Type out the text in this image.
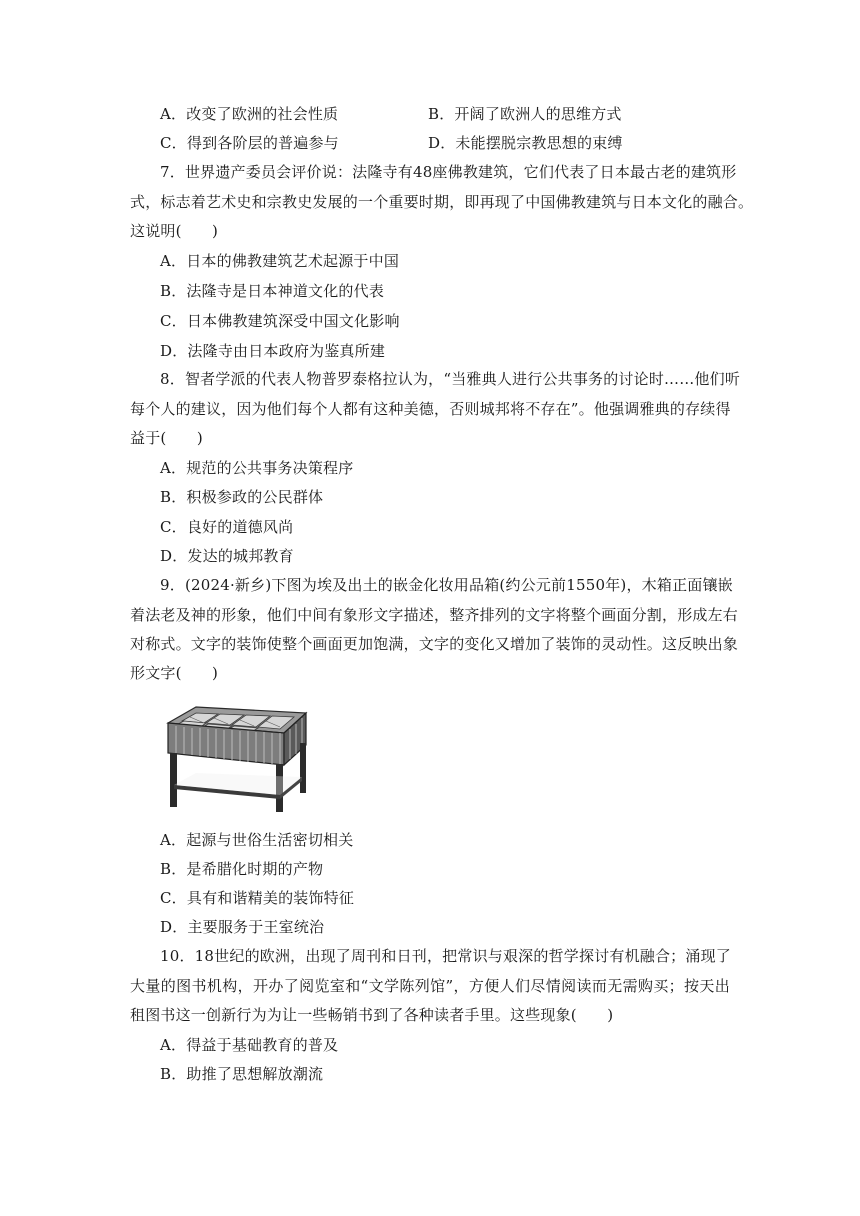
A．改变了欧洲的社会性质	B．开阔了欧洲人的思维方式
C．得到各阶层的普遍参与	D．未能摆脱宗教思想的束缚
7．世界遗产委员会评价说：法隆寺有48座佛教建筑，它们代表了日本最古老的建筑形
式，标志着艺术史和宗教史发展的一个重要时期，即再现了中国佛教建筑与日本文化的融合。
这说明(　　)
A．日本的佛教建筑艺术起源于中国
B．法隆寺是日本神道文化的代表
C．日本佛教建筑深受中国文化影响
D．法隆寺由日本政府为鉴真所建
8．智者学派的代表人物普罗泰格拉认为，“当雅典人进行公共事务的讨论时……他们听
每个人的建议，因为他们每个人都有这种美德，否则城邦将不存在”。他强调雅典的存续得
益于(　　)
A．规范的公共事务决策程序
B．积极参政的公民群体
C．良好的道德风尚
D．发达的城邦教育
9．(2024·新乡)下图为埃及出土的嵌金化妆用品箱(约公元前1550年)，木箱正面镶嵌
着法老及神的形象，他们中间有象形文字描述，整齐排列的文字将整个画面分割，形成左右
对称式。文字的装饰使整个画面更加饱满，文字的变化又增加了装饰的灵动性。这反映出象
形文字(　　)
A．起源与世俗生活密切相关
B．是希腊化时期的产物
C．具有和谐精美的装饰特征
D．主要服务于王室统治
10．18世纪的欧洲，出现了周刊和日刊，把常识与艰深的哲学探讨有机融合；涌现了
大量的图书机构，开办了阅览室和“文学陈列馆”，方便人们尽情阅读而无需购买；按天出
租图书这一创新行为为让一些畅销书到了各种读者手里。这些现象(　　)
A．得益于基础教育的普及
B．助推了思想解放潮流
